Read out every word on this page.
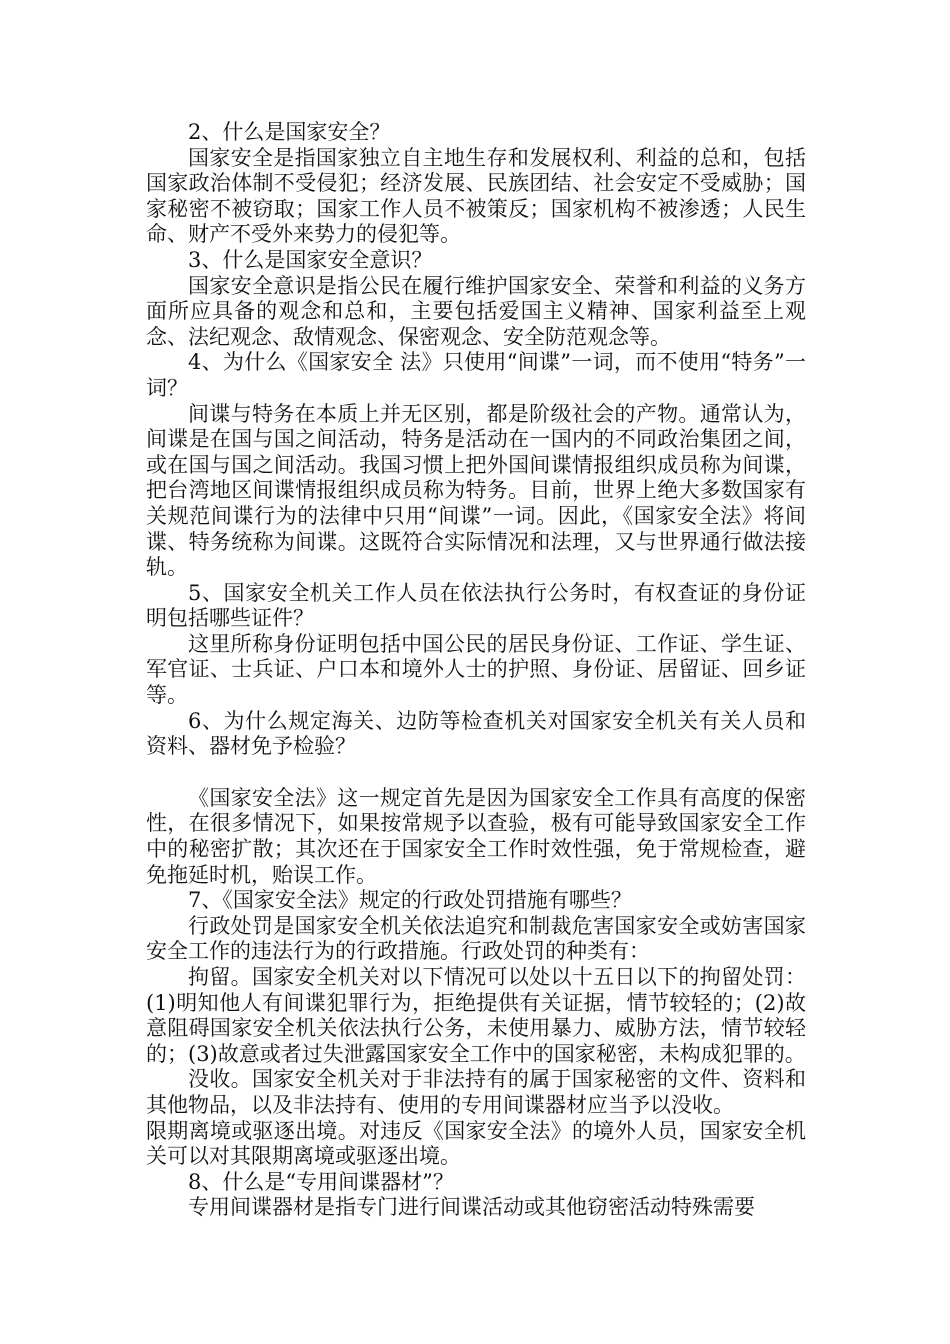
2、什么是国家安全？

国家安全是指国家独立自主地生存和发展权利、利益的总和，包括国家政治体制不受侵犯；经济发展、民族团结、社会安定不受威胁；国家秘密不被窃取；国家工作人员不被策反；国家机构不被渗透；人民生命、财产不受外来势力的侵犯等。

3、什么是国家安全意识？

国家安全意识是指公民在履行维护国家安全、荣誉和利益的义务方面所应具备的观念和总和，主要包括爱国主义精神、国家利益至上观念、法纪观念、敌情观念、保密观念、安全防范观念等。

4、为什么《国家安全 法》只使用“间谍”一词，而不使用“特务”一词？

间谍与特务在本质上并无区别，都是阶级社会的产物。通常认为，间谍是在国与国之间活动，特务是活动在一国内的不同政治集团之间，或在国与国之间活动。我国习惯上把外国间谍情报组织成员称为间谍，把台湾地区间谍情报组织成员称为特务。目前，世界上绝大多数国家有关规范间谍行为的法律中只用“间谍”一词。因此，《国家安全法》将间谍、特务统称为间谍。这既符合实际情况和法理，又与世界通行做法接轨。

5、国家安全机关工作人员在依法执行公务时，有权查证的身份证明包括哪些证件？

这里所称身份证明包括中国公民的居民身份证、工作证、学生证、军官证、士兵证、户口本和境外人士的护照、身份证、居留证、回乡证等。

6、为什么规定海关、边防等检查机关对国家安全机关有关人员和资料、器材免予检验？

《国家安全法》这一规定首先是因为国家安全工作具有高度的保密性，在很多情况下，如果按常规予以查验，极有可能导致国家安全工作中的秘密扩散；其次还在于国家安全工作时效性强，免于常规检查，避免拖延时机，贻误工作。

7、《国家安全法》规定的行政处罚措施有哪些？

行政处罚是国家安全机关依法追究和制裁危害国家安全或妨害国家安全工作的违法行为的行政措施。行政处罚的种类有：

拘留。国家安全机关对以下情况可以处以十五日以下的拘留处罚：(1)明知他人有间谍犯罪行为，拒绝提供有关证据，情节较轻的；(2)故意阻碍国家安全机关依法执行公务，未使用暴力、威胁方法，情节较轻的；(3)故意或者过失泄露国家安全工作中的国家秘密，未构成犯罪的。

没收。国家安全机关对于非法持有的属于国家秘密的文件、资料和其他物品，以及非法持有、使用的专用间谍器材应当予以没收。

限期离境或驱逐出境。对违反《国家安全法》的境外人员，国家安全机关可以对其限期离境或驱逐出境。

8、什么是“专用间谍器材”？

专用间谍器材是指专门进行间谍活动或其他窃密活动特殊需要
